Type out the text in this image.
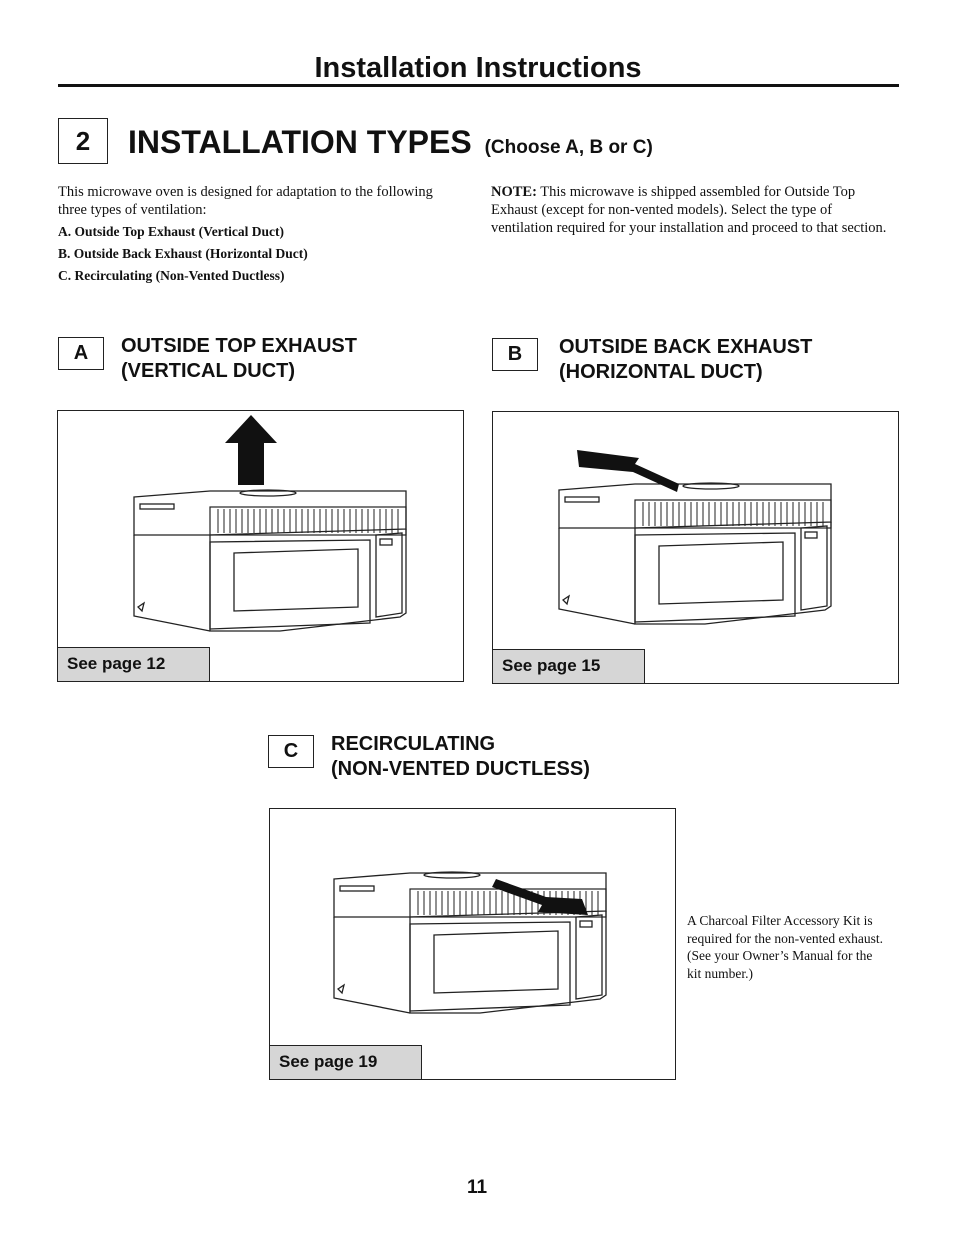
Installation Instructions
2	INSTALLATION TYPES (Choose A, B or C)
This microwave oven is designed for adaptation to the following three types of ventilation:
A. Outside Top Exhaust (Vertical Duct)
B. Outside Back Exhaust (Horizontal Duct)
C. Recirculating (Non-Vented Ductless)
NOTE: This microwave is shipped assembled for Outside Top Exhaust (except for non-vented models). Select the type of ventilation required for your installation and proceed to that section.
A	OUTSIDE TOP EXHAUST
(VERTICAL DUCT)
See page 12
B	OUTSIDE BACK EXHAUST
(HORIZONTAL DUCT)
See page 15
C	RECIRCULATING
(NON-VENTED DUCTLESS)
See page 19
A Charcoal Filter Accessory Kit is required for the non-vented exhaust. (See your Owner’s Manual for the kit number.)
11
